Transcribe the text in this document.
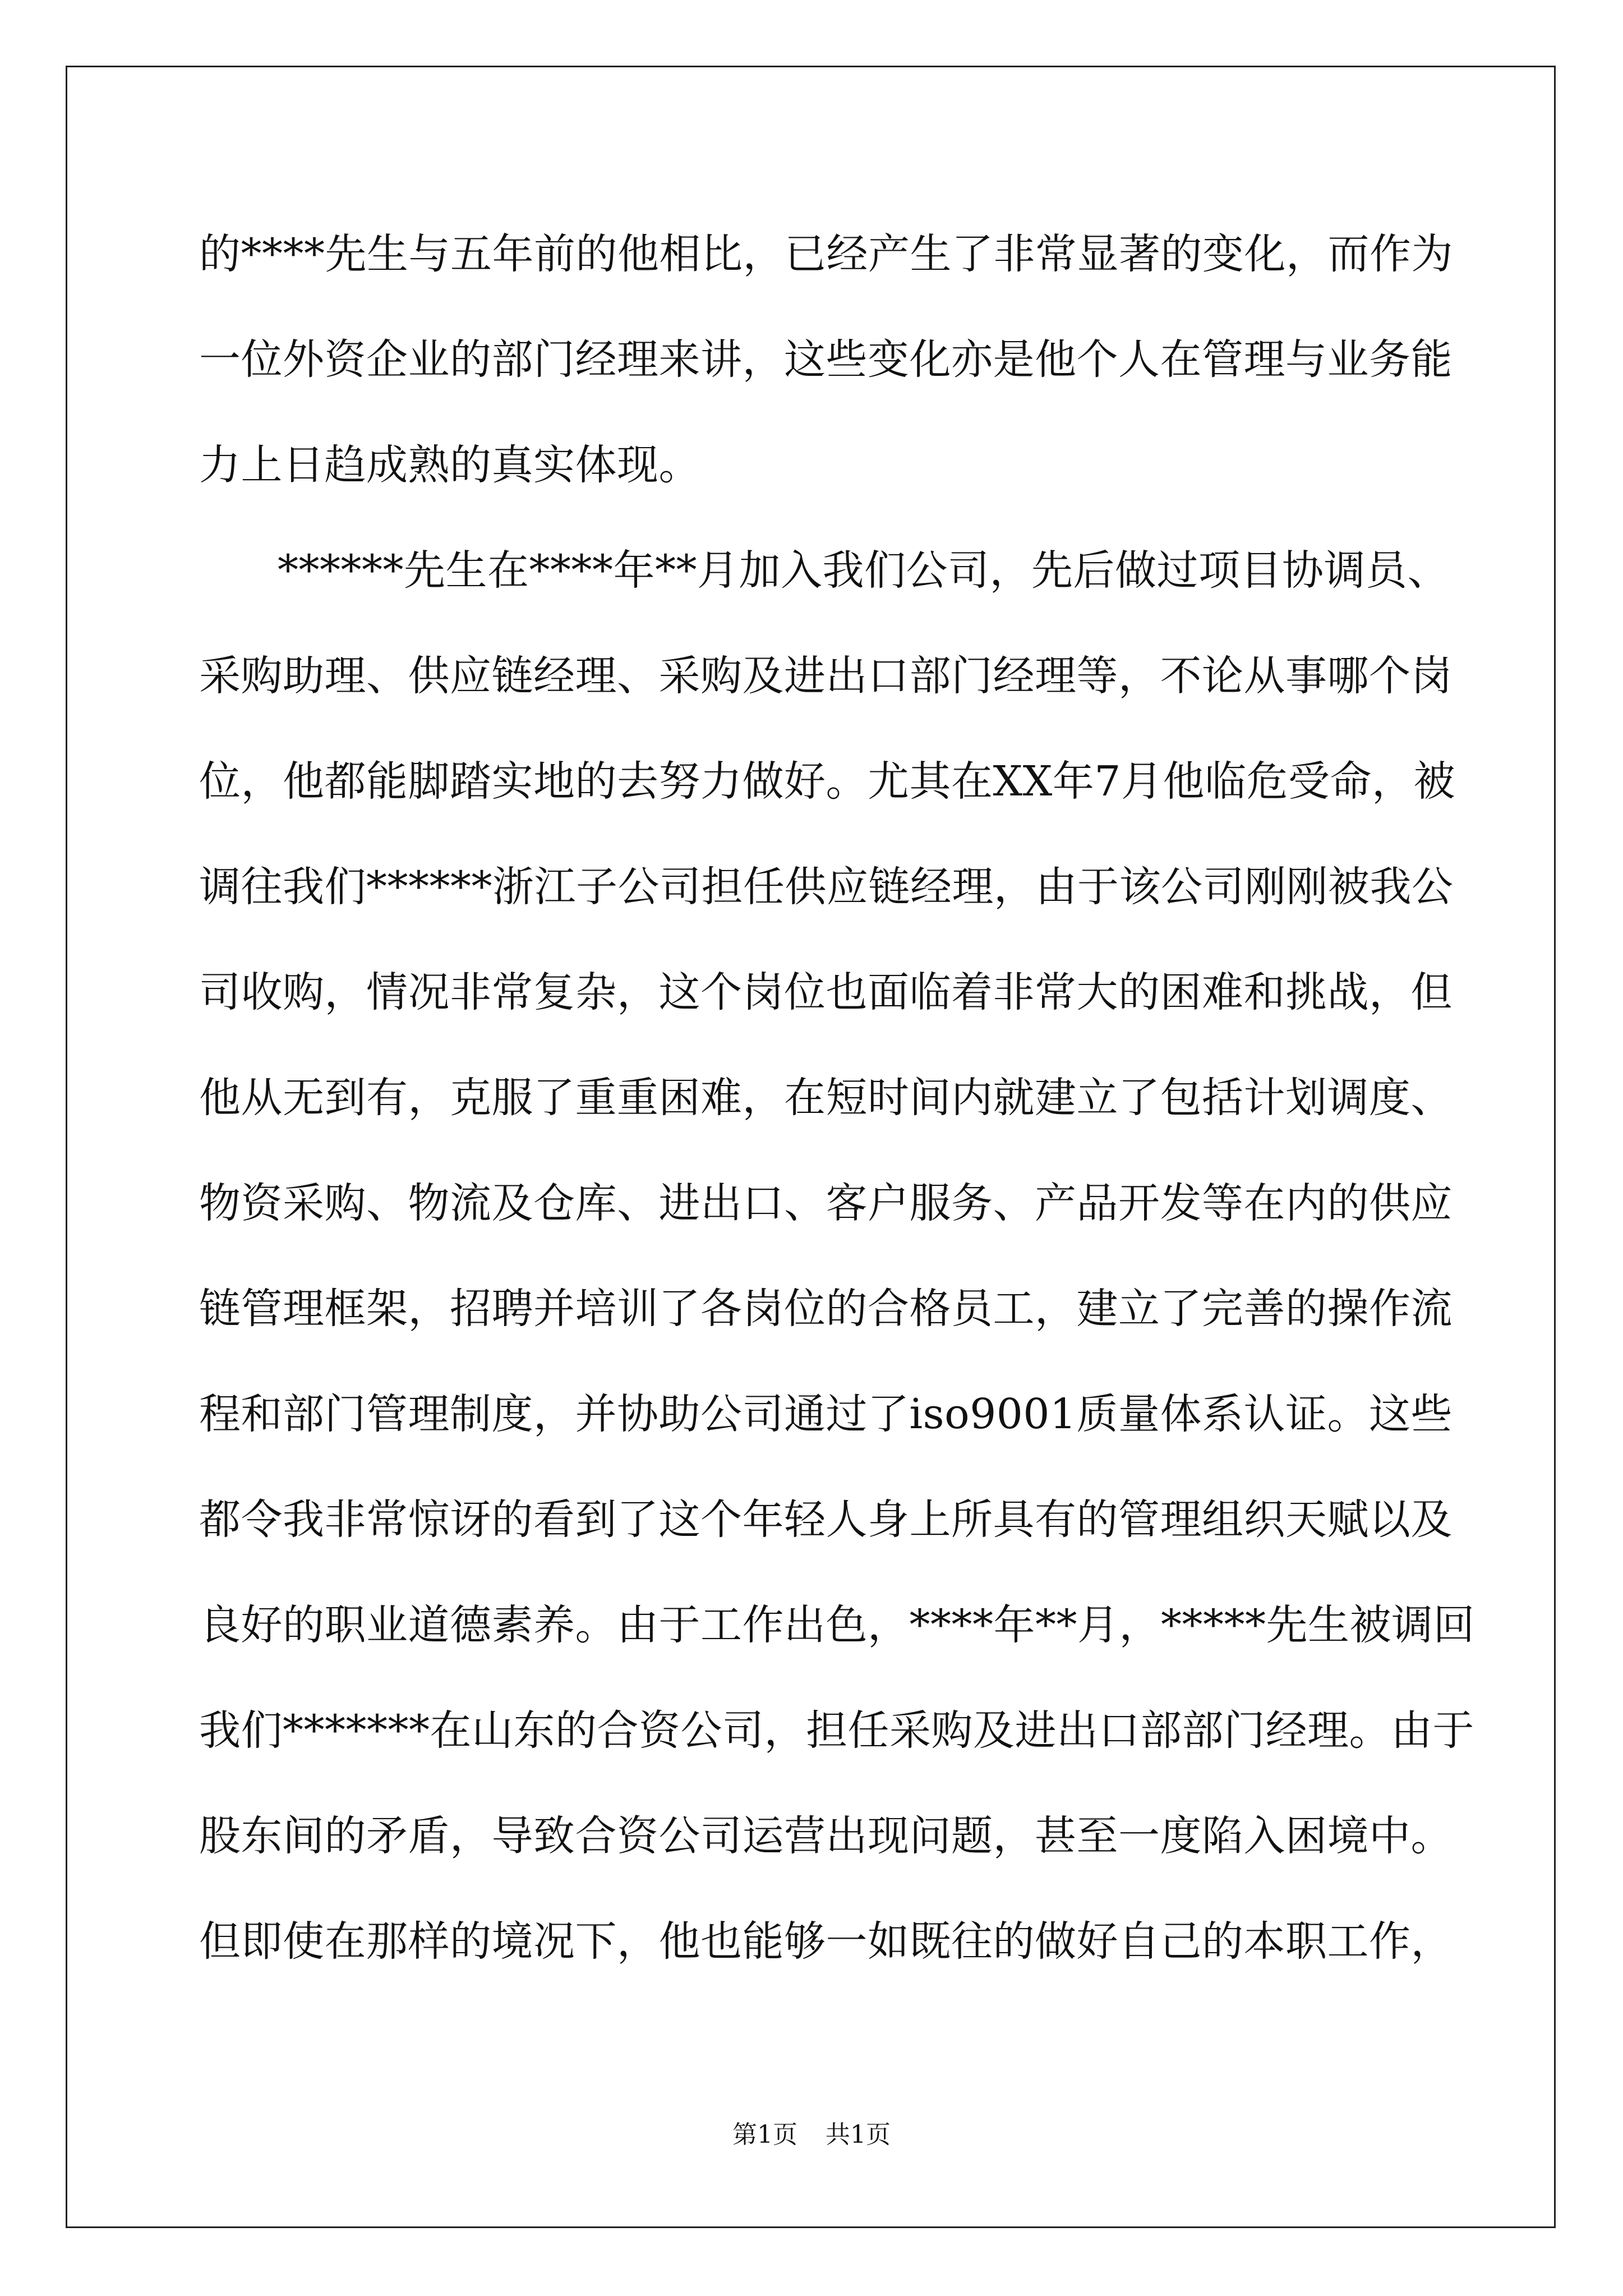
的****先生与五年前的他相比，已经产生了非常显著的变化，而作为
一位外资企业的部门经理来讲，这些变化亦是他个人在管理与业务能
力上日趋成熟的真实体现。
******先生在****年**月加入我们公司，先后做过项目协调员、
采购助理、供应链经理、采购及进出口部门经理等，不论从事哪个岗
位，他都能脚踏实地的去努力做好。尤其在XX年7月他临危受命，被
调往我们******浙江子公司担任供应链经理，由于该公司刚刚被我公
司收购，情况非常复杂，这个岗位也面临着非常大的困难和挑战，但
他从无到有，克服了重重困难，在短时间内就建立了包括计划调度、
物资采购、物流及仓库、进出口、客户服务、产品开发等在内的供应
链管理框架，招聘并培训了各岗位的合格员工，建立了完善的操作流
程和部门管理制度，并协助公司通过了iso9001质量体系认证。这些
都令我非常惊讶的看到了这个年轻人身上所具有的管理组织天赋以及
良好的职业道德素养。由于工作出色，****年**月，*****先生被调回
我们*******在山东的合资公司，担任采购及进出口部部门经理。由于
股东间的矛盾，导致合资公司运营出现问题，甚至一度陷入困境中。
但即使在那样的境况下，他也能够一如既往的做好自己的本职工作，
第1页 共1页
